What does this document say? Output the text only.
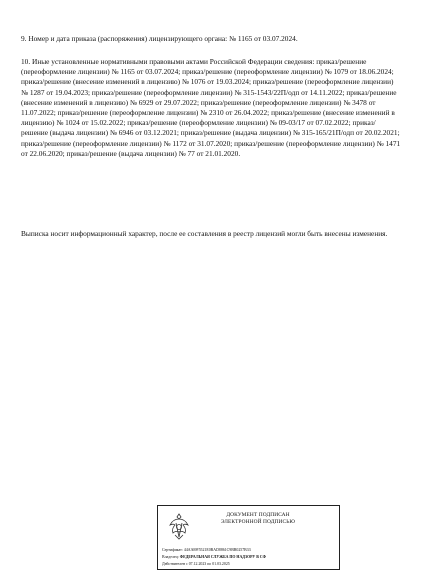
9. Номер и дата приказа (распоряжения) лицензирующего органа: № 1165 от 03.07.2024.

10. Иные установленные нормативными правовыми актами Российской Федерации сведения: приказ/решение (переоформление лицензии) № 1165 от 03.07.2024; приказ/решение (переоформление лицензии) № 1079 от 18.06.2024; приказ/решение (внесение изменений в лицензию) № 1076 от 19.03.2024; приказ/решение (переоформление лицензии) № 1287 от 19.04.2023; приказ/решение (переоформление лицензии) № 315-1543/22П/одп от 14.11.2022; приказ/решение (внесение изменений в лицензию) № 6929 от 29.07.2022; приказ/решение (переоформление лицензии) № 3478 от 11.07.2022; приказ/решение (переоформление лицензии) № 2310 от 26.04.2022; приказ/решение (внесение изменений в лицензию) № 1024 от 15.02.2022; приказ/решение (переоформление лицензии) № 09-03/17 от 07.02.2022; приказ/решение (выдача лицензии) № 6946 от 03.12.2021; приказ/решение (выдача лицензии) № 315-165/21П/одп от 20.02.2021; приказ/решение (переоформление лицензии) № 1172 от 31.07.2020; приказ/решение (переоформление лицензии) № 1471 от 22.06.2020; приказ/решение (выдача лицензии) № 77 от 21.01.2020.

Выписка носит информационный характер, после ее составления в реестр лицензий могли быть внесены изменения.

ДОКУМЕНТ ПОДПИСАН
ЭЛЕКТРОННОЙ ПОДПИСЬЮ
Сертификат: 44A369F5521E0BAD8861C9BB0257B33
Владелец: ФЕДЕРАЛЬНАЯ СЛУЖБА ПО НАДЗОРУ В СФ
Действителен с 07.12.2023 по 01.03.2025
